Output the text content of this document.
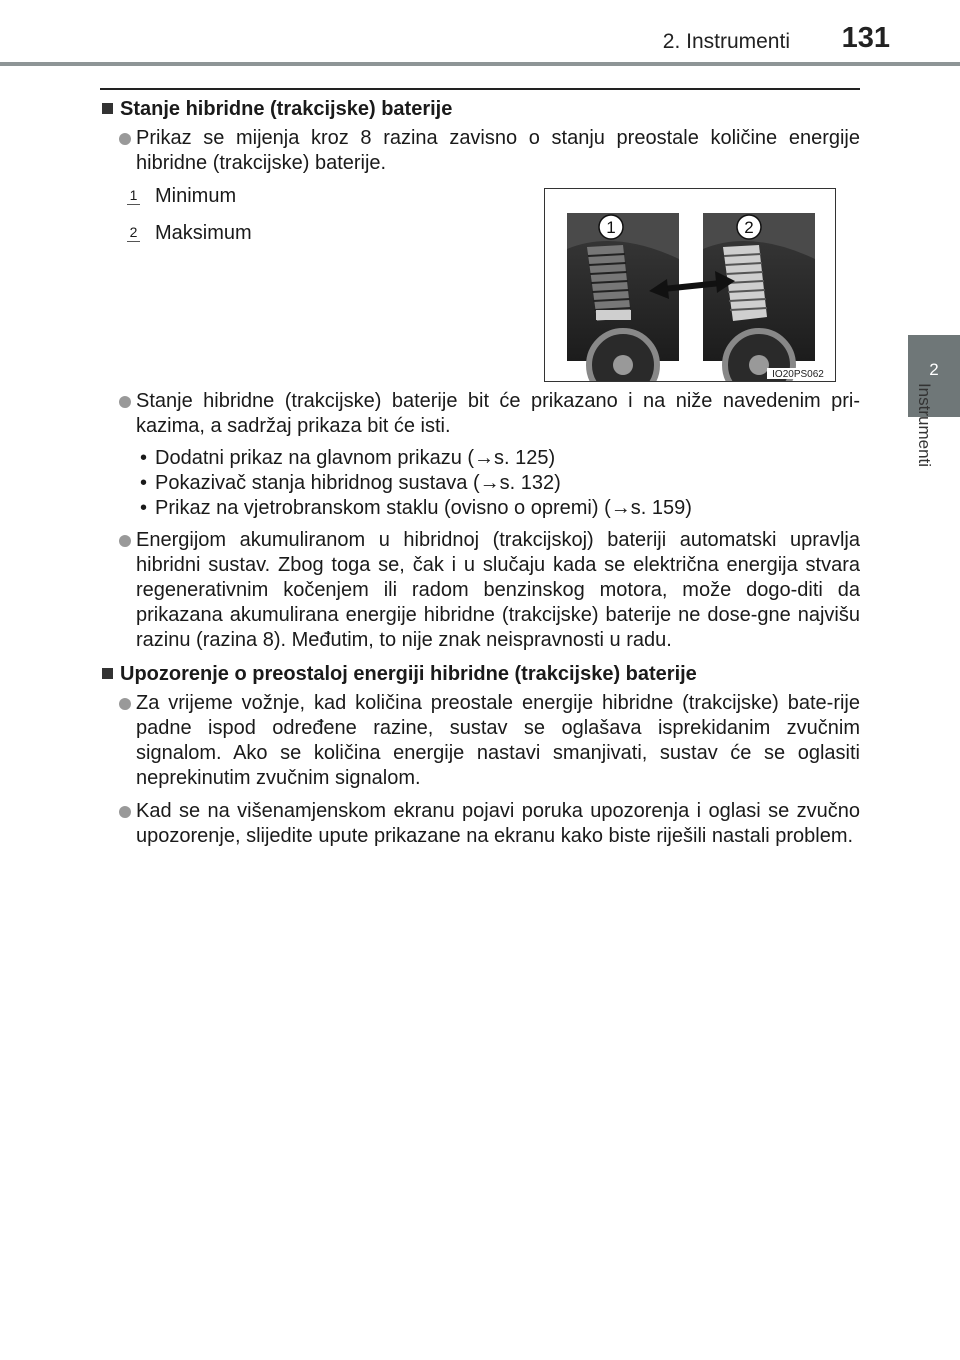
2. Instrumenti 131
2
Instrumenti
Stanje hibridne (trakcijske) baterije
Prikaz se mijenja kroz 8 razina zavisno o stanju preostale količine energije hibridne (trakcijske) baterije.
1 Minimum
2 Maksimum	1	2
IO20PS062
Stanje hibridne (trakcijske) baterije bit će prikazano i na niže navedenim pri-kazima, a sadržaj prikaza bit će isti.
• Dodatni prikaz na glavnom prikazu (→s. 125)
• Pokazivač stanja hibridnog sustava (→s. 132)
• Prikaz na vjetrobranskom staklu (ovisno o opremi) (→s. 159)
Energijom akumuliranom u hibridnoj (trakcijskoj) bateriji automatski upravlja hibridni sustav. Zbog toga se, čak i u slučaju kada se električna energija stvara regenerativnim kočenjem ili radom benzinskog motora, može dogo-diti da prikazana akumulirana energije hibridne (trakcijske) baterije ne dose-gne najvišu razinu (razina 8). Međutim, to nije znak neispravnosti u radu.
Upozorenje o preostaloj energiji hibridne (trakcijske) baterije
Za vrijeme vožnje, kad količina preostale energije hibridne (trakcijske) bate-rije padne ispod određene razine, sustav se oglašava isprekidanim zvučnim signalom. Ako se količina energije nastavi smanjivati, sustav će se oglasiti neprekinutim zvučnim signalom.
Kad se na višenamjenskom ekranu pojavi poruka upozorenja i oglasi se zvučno upozorenje, slijedite upute prikazane na ekranu kako biste riješili nastali problem.
